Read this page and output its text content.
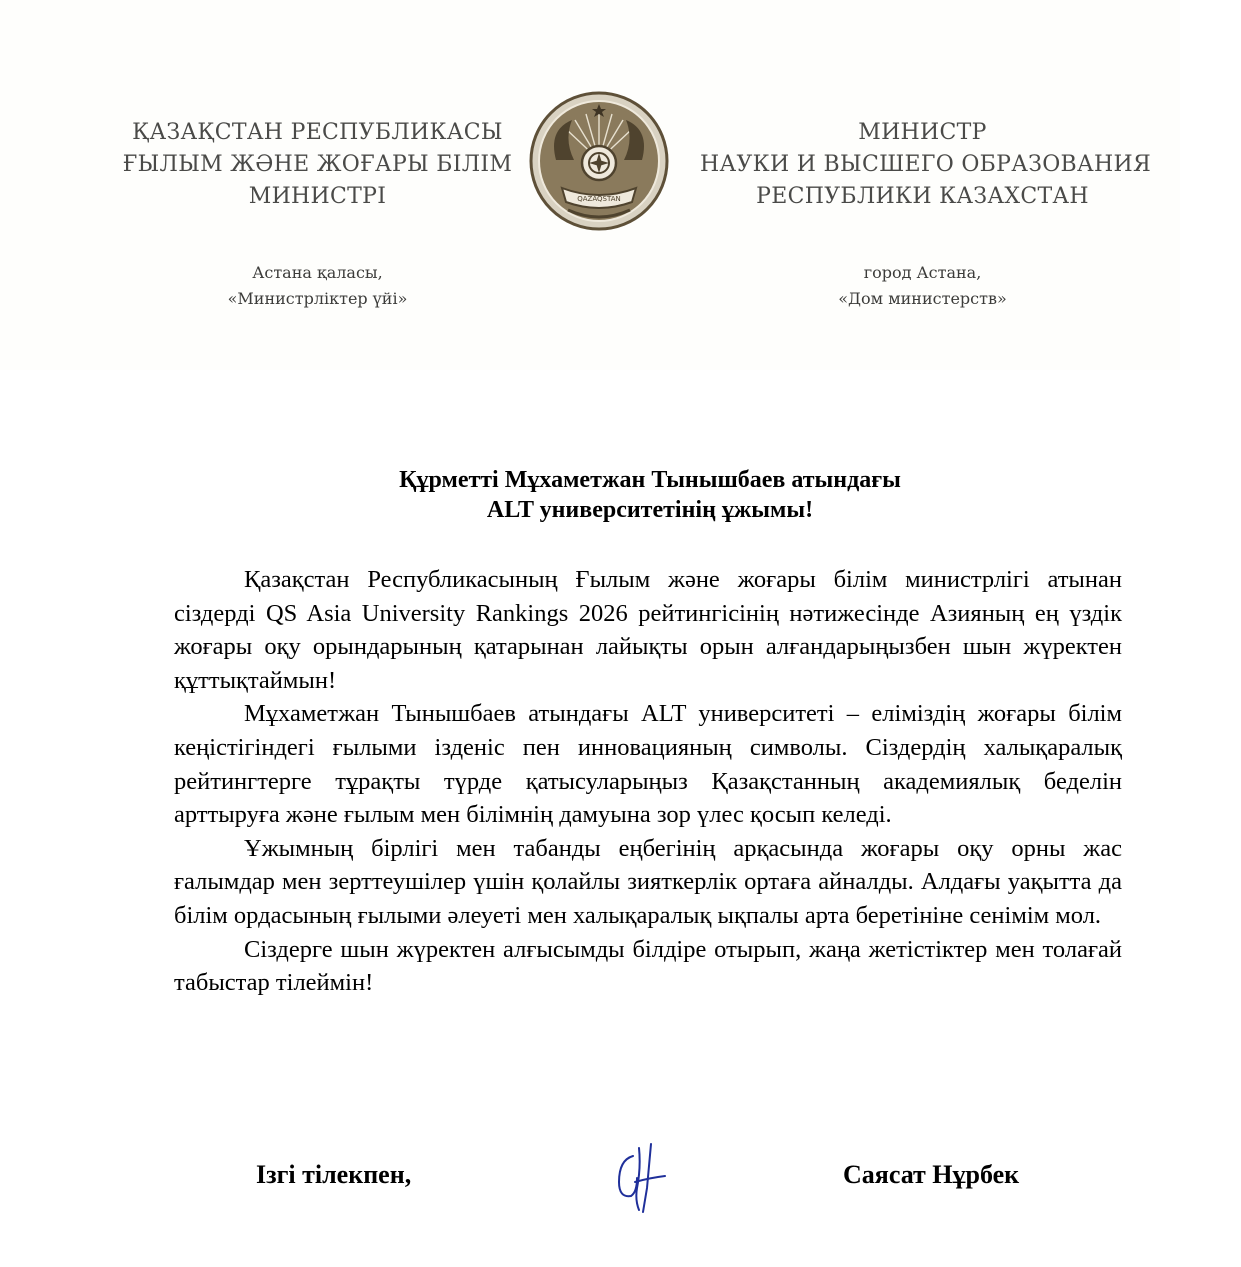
ҚАЗАҚСТАН РЕСПУБЛИКАСЫ
ҒЫЛЫМ ЖӘНЕ ЖОҒАРЫ БІЛІМ
МИНИСТРІ	QAZAQSTAN
МИНИСТР
НАУКИ И ВЫСШЕГО ОБРАЗОВАНИЯ
РЕСПУБЛИКИ КАЗАХСТАН
Астана қаласы,
«Министрліктер үйі»
город Астана,
«Дом министерств»
Құрметті Мұхаметжан Тынышбаев атындағы
ALT университетінің ұжымы!

Қазақстан Республикасының Ғылым және жоғары білім министрлігі атынан сіздерді QS Asia University Rankings 2026 рейтингісінің нәтижесінде Азияның ең үздік жоғары оқу орындарының қатарынан лайықты орын алғандарыңызбен шын жүректен құттықтаймын!

Мұхаметжан Тынышбаев атындағы ALT университеті – еліміздің жоғары білім кеңістігіндегі ғылыми ізденіс пен инновацияның символы. Сіздердің халықаралық рейтингтерге тұрақты түрде қатысуларыңыз Қазақстанның академиялық беделін арттыруға және ғылым мен білімнің дамуына зор үлес қосып келеді.

Ұжымның бірлігі мен табанды еңбегінің арқасында жоғары оқу орны жас ғалымдар мен зерттеушілер үшін қолайлы зияткерлік ортаға айналды. Алдағы уақытта да білім ордасының ғылыми әлеуеті мен халықаралық ықпалы арта беретініне сенімім мол.

Сіздерге шын жүректен алғысымды білдіре отырып, жаңа жетістіктер мен толағай табыстар тілеймін!

Ізгі тілекпен,	Саясат Нұрбек
